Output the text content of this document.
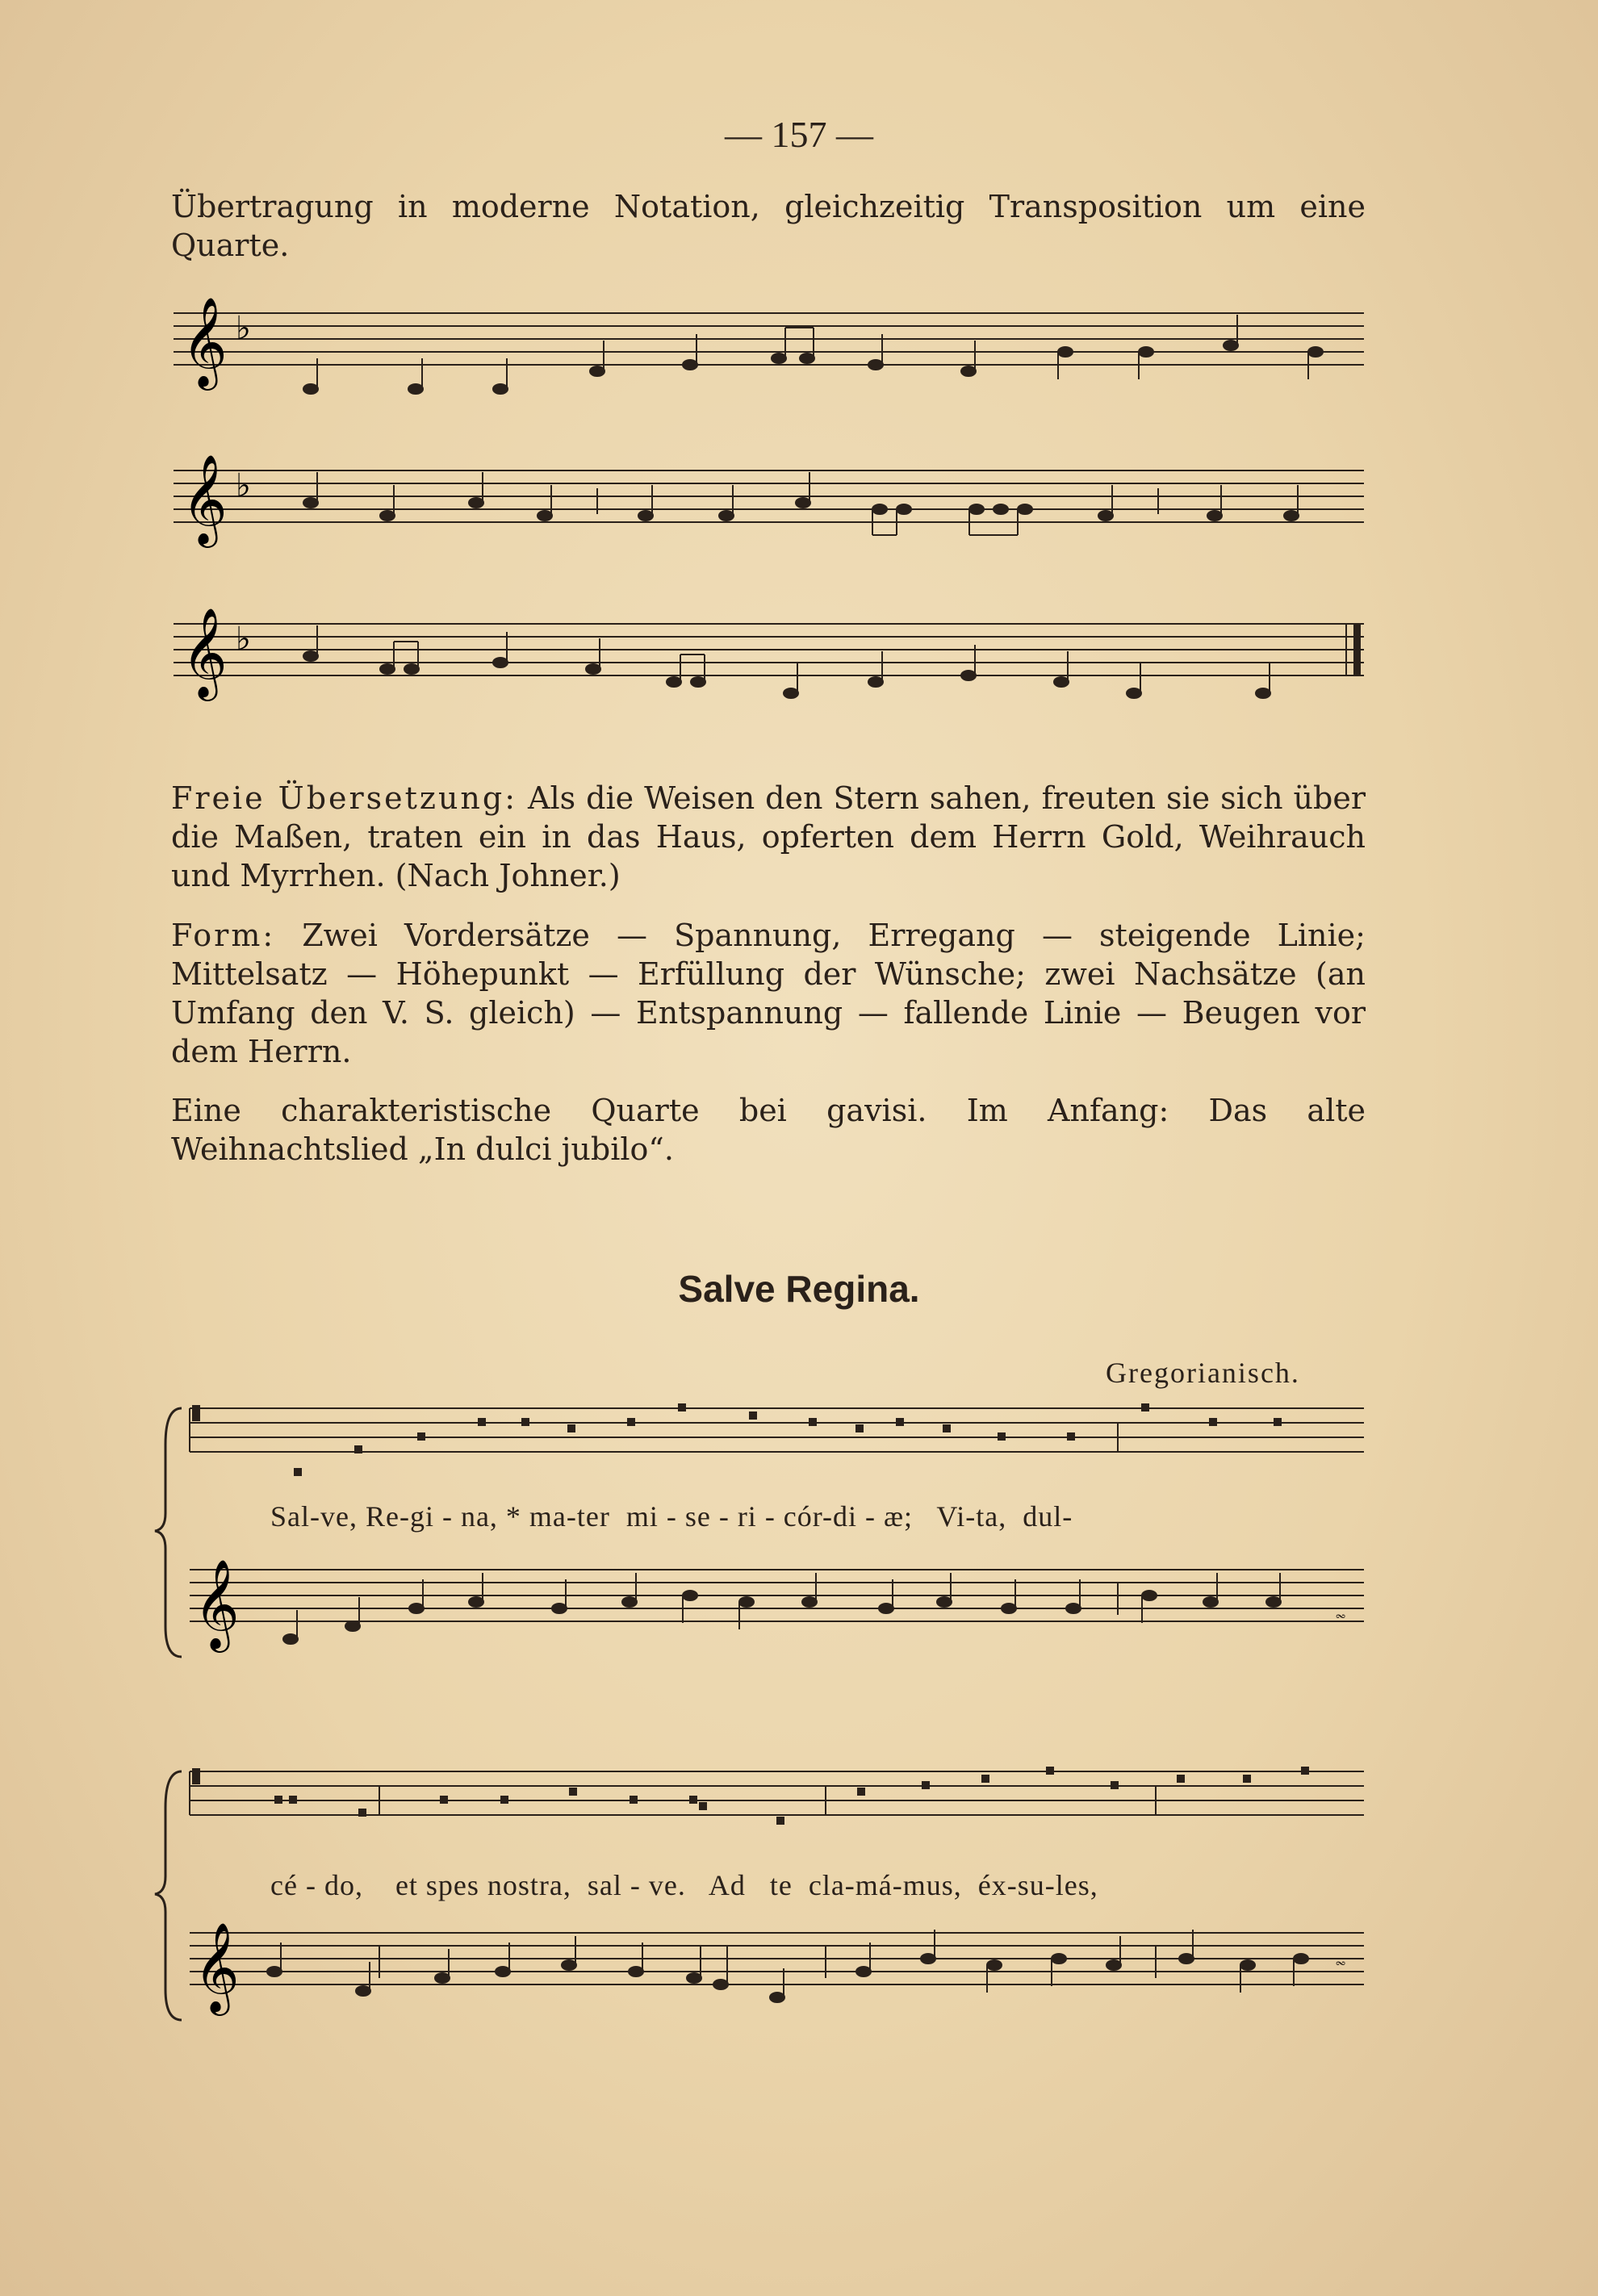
— 157 —
Übertragung in moderne Notation, gleichzeitig Transposition um eine Quarte.
𝄞 ♭
𝄞 ♭
𝄞 ♭
Freie Übersetzung: Als die Weisen den Stern sahen, freuten sie sich über die Maßen, traten ein in das Haus, opferten dem Herrn Gold, Weihrauch und Myrrhen. (Nach Johner.)
Form: Zwei Vordersätze — Spannung, Erregang — steigende Linie; Mittelsatz — Höhepunkt — Erfüllung der Wünsche; zwei Nachsätze (an Umfang den V. S. gleich) — Entspannung — fallende Linie — Beugen vor dem Herrn.
Eine charakteristische Quarte bei gavisi. Im Anfang: Das alte Weihnachtslied „In dulci jubilo“.
Salve Regina.
Gregorianisch.
𝄞	𝆗
Sal-ve, Re-gi - na, * ma-ter  mi - se - ri - cór-di - æ;   Vi-ta,  dul-
𝄞	𝆗
cé - do,    et spes nostra,  sal - ve.   Ad   te  cla-má-mus,  éx-su-les,
